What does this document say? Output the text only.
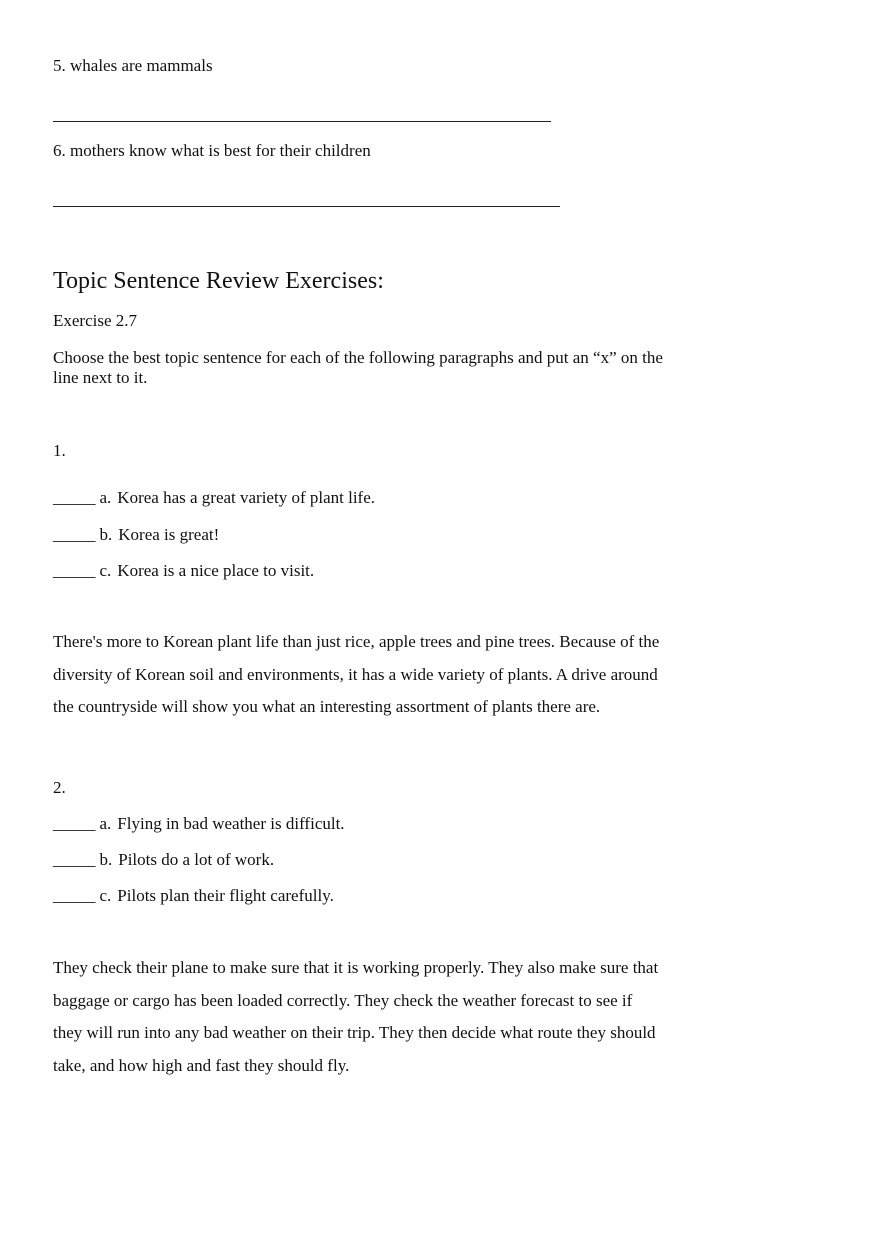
5. whales are mammals

6. mothers know what is best for their children

Topic Sentence Review Exercises:

Exercise 2.7

Choose the best topic sentence for each of the following paragraphs and put an “x” on the line next to it.

1.

_____ a. Korea has a great variety of plant life.

_____ b. Korea is great!

_____ c. Korea is a nice place to visit.

There's more to Korean plant life than just rice, apple trees and pine trees. Because of the diversity of Korean soil and environments, it has a wide variety of plants. A drive around the countryside will show you what an interesting assortment of plants there are.

2.

_____ a. Flying in bad weather is difficult.

_____ b. Pilots do a lot of work.

_____ c. Pilots plan their flight carefully.

They check their plane to make sure that it is working properly. They also make sure that baggage or cargo has been loaded correctly. They check the weather forecast to see if they will run into any bad weather on their trip. They then decide what route they should take, and how high and fast they should fly.
